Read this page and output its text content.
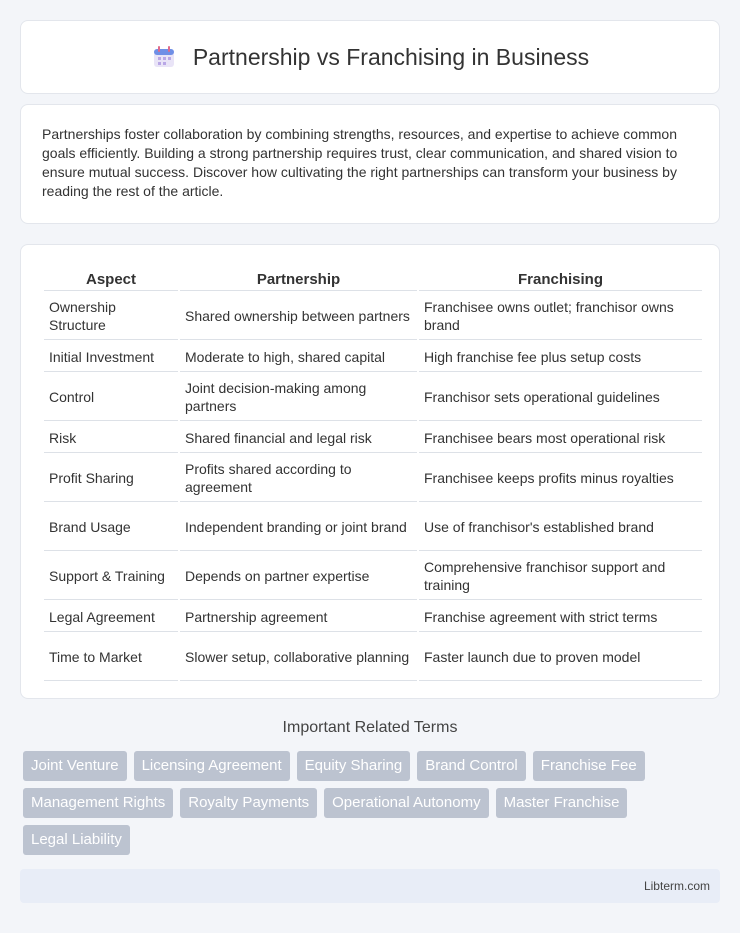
Partnership vs Franchising in Business

Partnerships foster collaboration by combining strengths, resources, and expertise to achieve common goals efficiently. Building a strong partnership requires trust, clear communication, and shared vision to ensure mutual success. Discover how cultivating the right partnerships can transform your business by reading the rest of the article.

Aspect	Partnership	Franchising
Ownership Structure	Shared ownership between partners	Franchisee owns outlet; franchisor owns brand
Initial Investment	Moderate to high, shared capital	High franchise fee plus setup costs
Control	Joint decision-making among partners	Franchisor sets operational guidelines
Risk	Shared financial and legal risk	Franchisee bears most operational risk
Profit Sharing	Profits shared according to agreement	Franchisee keeps profits minus royalties
Brand Usage	Independent branding or joint brand	Use of franchisor's established brand
Support & Training	Depends on partner expertise	Comprehensive franchisor support and training
Legal Agreement	Partnership agreement	Franchise agreement with strict terms
Time to Market	Slower setup, collaborative planning	Faster launch due to proven model
Important Related Terms
Joint Venture	Licensing Agreement	Equity Sharing	Brand Control	Franchise Fee
Management Rights	Royalty Payments	Operational Autonomy	Master Franchise
Legal Liability
Libterm.com
